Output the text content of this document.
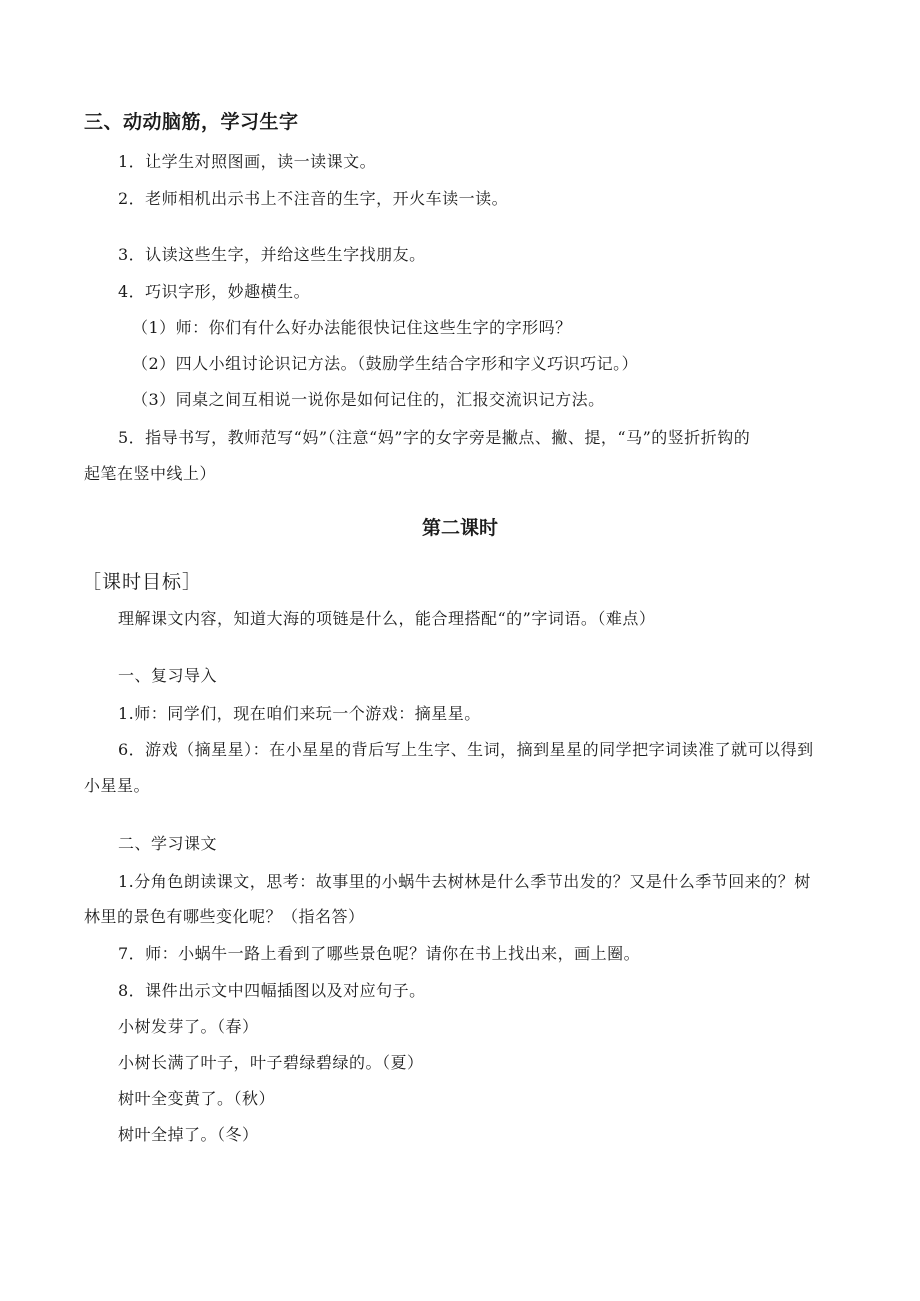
三、动动脑筋，学习生字
1．让学生对照图画，读一读课文。
2．老师相机出示书上不注音的生字，开火车读一读。
3．认读这些生字，并给这些生字找朋友。
4．巧识字形，妙趣横生。
（1）师：你们有什么好办法能很快记住这些生字的字形吗？
（2）四人小组讨论识记方法。（鼓励学生结合字形和字义巧识巧记。）
（3）同桌之间互相说一说你是如何记住的，汇报交流识记方法。
5．指导书写，教师范写“妈”（注意“妈”字的女字旁是撇点、撇、提，“马”的竖折折钩的
起笔在竖中线上）
第二课时
［课时目标］
理解课文内容，知道大海的项链是什么，能合理搭配“的”字词语。（难点）
一、复习导入
1.师：同学们，现在咱们来玩一个游戏：摘星星。
6．游戏（摘星星）：在小星星的背后写上生字、生词，摘到星星的同学把字词读准了就可以得到
小星星。
二、学习课文
1.分角色朗读课文，思考：故事里的小蜗牛去树林是什么季节出发的？又是什么季节回来的？树
林里的景色有哪些变化呢？（指名答）
7．师：小蜗牛一路上看到了哪些景色呢？请你在书上找出来，画上圈。
8．课件出示文中四幅插图以及对应句子。
小树发芽了。（春）
小树长满了叶子，叶子碧绿碧绿的。（夏）
树叶全变黄了。（秋）
树叶全掉了。（冬）
